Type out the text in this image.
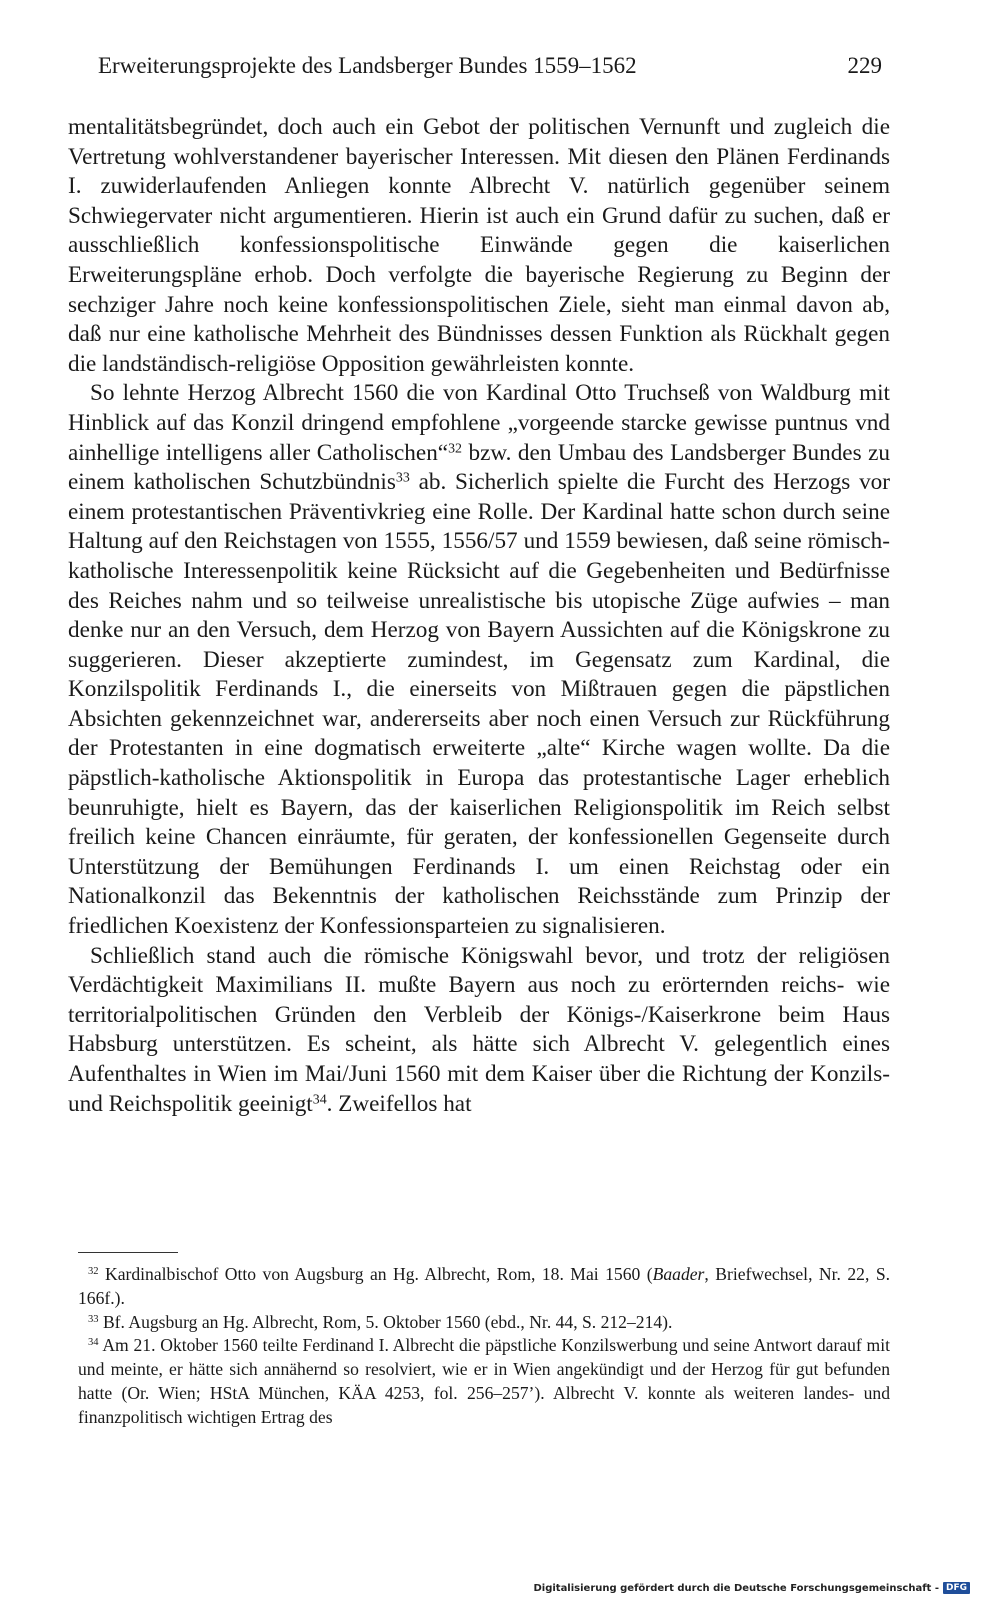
Erweiterungsprojekte des Landsberger Bundes 1559–1562	229

mentalitätsbegründet, doch auch ein Gebot der politischen Vernunft und zugleich die Vertretung wohlverstandener bayerischer Interessen. Mit diesen den Plänen Ferdinands I. zuwiderlaufenden Anliegen konnte Albrecht V. natürlich gegenüber seinem Schwiegervater nicht argumentieren. Hierin ist auch ein Grund dafür zu suchen, daß er ausschließlich konfessionspolitische Einwände gegen die kaiserlichen Erweiterungspläne erhob. Doch verfolgte die bayerische Regierung zu Beginn der sechziger Jahre noch keine konfessionspolitischen Ziele, sieht man einmal davon ab, daß nur eine katholische Mehrheit des Bündnisses dessen Funktion als Rückhalt gegen die landständisch-religiöse Opposition gewährleisten konnte.

So lehnte Herzog Albrecht 1560 die von Kardinal Otto Truchseß von Waldburg mit Hinblick auf das Konzil dringend empfohlene „vorgeende starcke gewisse puntnus vnd ainhellige intelligens aller Catholischen“$^{32}$ bzw. den Umbau des Landsberger Bundes zu einem katholischen Schutzbündnis$^{33}$ ab. Sicherlich spielte die Furcht des Herzogs vor einem protestantischen Präventivkrieg eine Rolle. Der Kardinal hatte schon durch seine Haltung auf den Reichstagen von 1555, 1556/57 und 1559 bewiesen, daß seine römisch-katholische Interessenpolitik keine Rücksicht auf die Gegebenheiten und Bedürfnisse des Reiches nahm und so teilweise unrealistische bis utopische Züge aufwies – man denke nur an den Versuch, dem Herzog von Bayern Aussichten auf die Königskrone zu suggerieren. Dieser akzeptierte zumindest, im Gegensatz zum Kardinal, die Konzilspolitik Ferdinands I., die einerseits von Mißtrauen gegen die päpstlichen Absichten gekennzeichnet war, andererseits aber noch einen Versuch zur Rückführung der Protestanten in eine dogmatisch erweiterte „alte“ Kirche wagen wollte. Da die päpstlich-katholische Aktionspolitik in Europa das protestantische Lager erheblich beunruhigte, hielt es Bayern, das der kaiserlichen Religionspolitik im Reich selbst freilich keine Chancen einräumte, für geraten, der konfessionellen Gegenseite durch Unterstützung der Bemühungen Ferdinands I. um einen Reichstag oder ein Nationalkonzil das Bekenntnis der katholischen Reichsstände zum Prinzip der friedlichen Koexistenz der Konfessionsparteien zu signalisieren.

Schließlich stand auch die römische Königswahl bevor, und trotz der religiösen Verdächtigkeit Maximilians II. mußte Bayern aus noch zu erörternden reichs- wie territorialpolitischen Gründen den Verbleib der Königs-/Kaiserkrone beim Haus Habsburg unterstützen. Es scheint, als hätte sich Albrecht V. gelegentlich eines Aufenthaltes in Wien im Mai/Juni 1560 mit dem Kaiser über die Richtung der Konzils- und Reichspolitik geeinigt$^{34}$. Zweifellos hat

$^{32}$ Kardinalbischof Otto von Augsburg an Hg. Albrecht, Rom, 18. Mai 1560 (Baader, Briefwechsel, Nr. 22, S. 166f.).

$^{33}$ Bf. Augsburg an Hg. Albrecht, Rom, 5. Oktober 1560 (ebd., Nr. 44, S. 212–214).

$^{34}$ Am 21. Oktober 1560 teilte Ferdinand I. Albrecht die päpstliche Konzilswerbung und seine Antwort darauf mit und meinte, er hätte sich annähernd so resolviert, wie er in Wien angekündigt und der Herzog für gut befunden hatte (Or. Wien; HStA München, KÄA 4253, fol. 256–257’). Albrecht V. konnte als weiteren landes- und finanzpolitisch wichtigen Ertrag des

Digitalisierung gefördert durch die Deutsche Forschungsgemeinschaft - DFG
